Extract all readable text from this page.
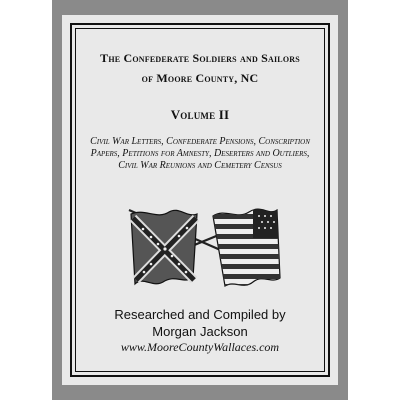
The Confederate Soldiers and Sailors
of Moore County, NC
Volume II
Civil War Letters, Confederate Pensions, Conscription
Papers, Petitions for Amnesty, Deserters and Outliers,
Civil War Reunions and Cemetery Census
Researched and Compiled by
Morgan Jackson
www.MooreCountyWallaces.com
